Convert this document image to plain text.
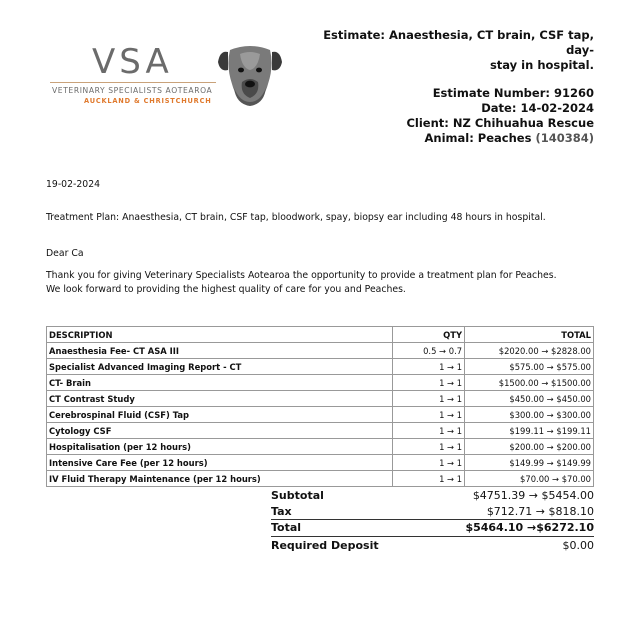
VSA
VETERINARY SPECIALISTS AOTEAROA
AUCKLAND & CHRISTCHURCH
Estimate: Anaesthesia, CT brain, CSF tap, day-
stay in hospital.
Estimate Number: 91260
Date: 14-02-2024
Client: NZ Chihuahua Rescue
Animal: Peaches (140384)
19-02-2024
Treatment Plan: Anaesthesia, CT brain, CSF tap, bloodwork, spay, biopsy ear including 48 hours in hospital.
Dear Ca
Thank you for giving Veterinary Specialists Aotearoa the opportunity to provide a treatment plan for Peaches.
We look forward to providing the highest quality of care for you and Peaches.
DESCRIPTION	QTY	TOTAL
Anaesthesia Fee- CT ASA III	0.5 → 0.7	$2020.00 → $2828.00
Specialist Advanced Imaging Report - CT	1 → 1	$575.00 → $575.00
CT- Brain	1 → 1	$1500.00 → $1500.00
CT Contrast Study	1 → 1	$450.00 → $450.00
Cerebrospinal Fluid (CSF) Tap	1 → 1	$300.00 → $300.00
Cytology CSF	1 → 1	$199.11 → $199.11
Hospitalisation (per 12 hours)	1 → 1	$200.00 → $200.00
Intensive Care Fee (per 12 hours)	1 → 1	$149.99 → $149.99
IV Fluid Therapy Maintenance (per 12 hours)	1 → 1	$70.00 → $70.00
Subtotal	$4751.39 → $5454.00
Tax	$712.71 → $818.10
Total	$5464.10 →$6272.10
Required Deposit	$0.00
